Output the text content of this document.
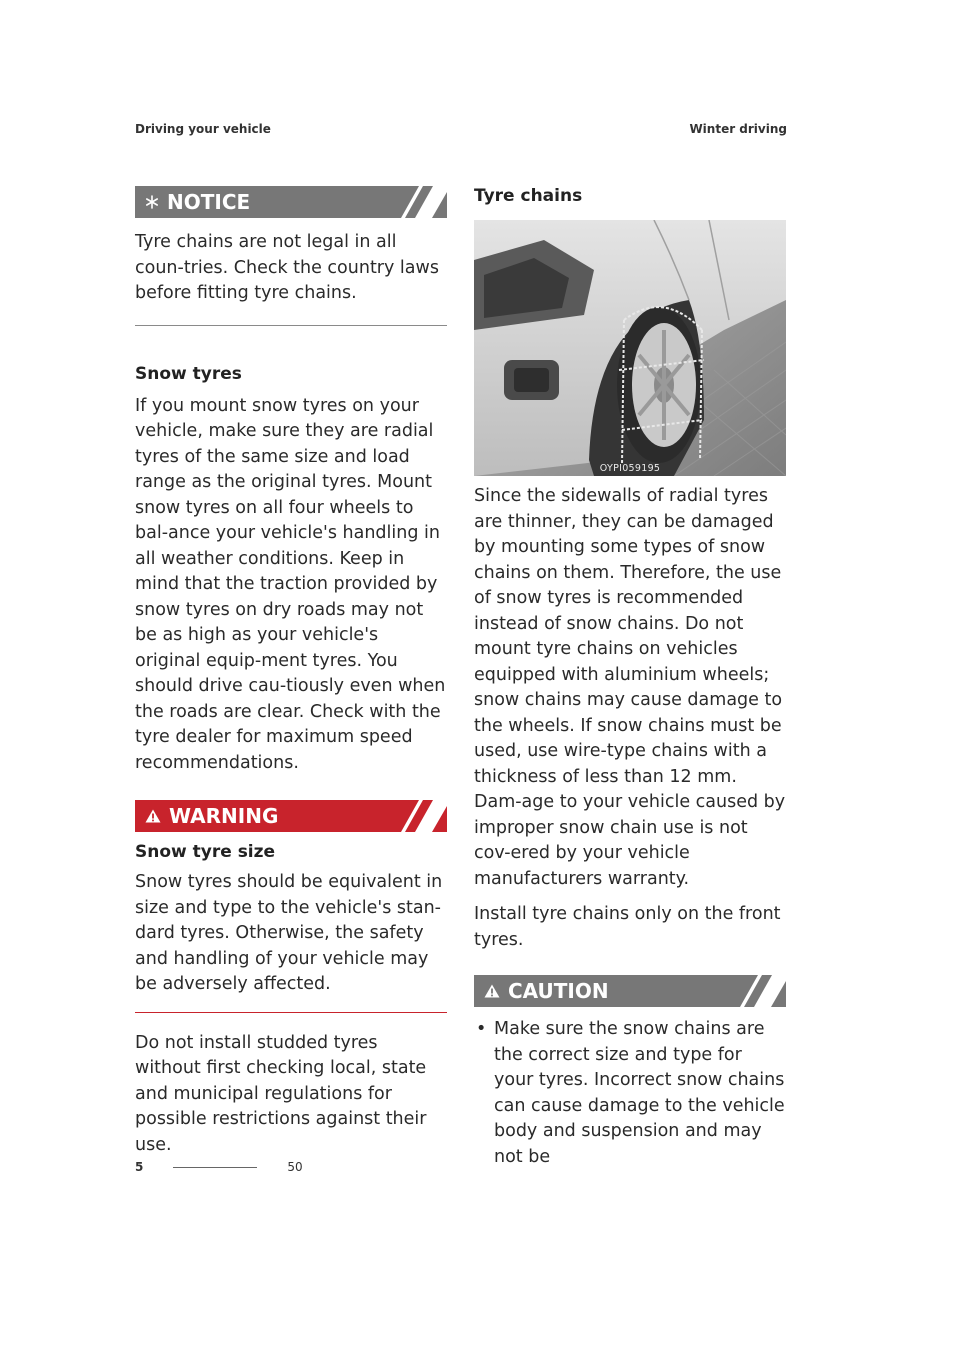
Driving your vehicle	Winter driving
NOTICE

Tyre chains are not legal in all coun-tries. Check the country laws before fitting tyre chains.

Snow tyres

If you mount snow tyres on your vehicle, make sure they are radial tyres of the same size and load range as the original tyres. Mount snow tyres on all four wheels to bal-ance your vehicle's handling in all weather conditions. Keep in mind that the traction provided by snow tyres on dry roads may not be as high as your vehicle's original equip-ment tyres. You should drive cau-tiously even when the roads are clear. Check with the tyre dealer for maximum speed recommendations.

WARNING
Snow tyre size

Snow tyres should be equivalent in size and type to the vehicle's stan-dard tyres. Otherwise, the safety and handling of your vehicle may be adversely affected.

Do not install studded tyres without first checking local, state and municipal regulations for possible restrictions against their use.

Tyre chains
OYPI059195

Since the sidewalls of radial tyres are thinner, they can be damaged by mounting some types of snow chains on them. Therefore, the use of snow tyres is recommended instead of snow chains. Do not mount tyre chains on vehicles equipped with aluminium wheels; snow chains may cause damage to the wheels. If snow chains must be used, use wire-type chains with a thickness of less than 12 mm. Dam-age to your vehicle caused by improper snow chain use is not cov-ered by your vehicle manufacturers warranty.

Install tyre chains only on the front tyres.

CAUTION
• Make sure the snow chains are the correct size and type for your tyres. Incorrect snow chains can cause damage to the vehicle body and suspension and may not be
5	50
